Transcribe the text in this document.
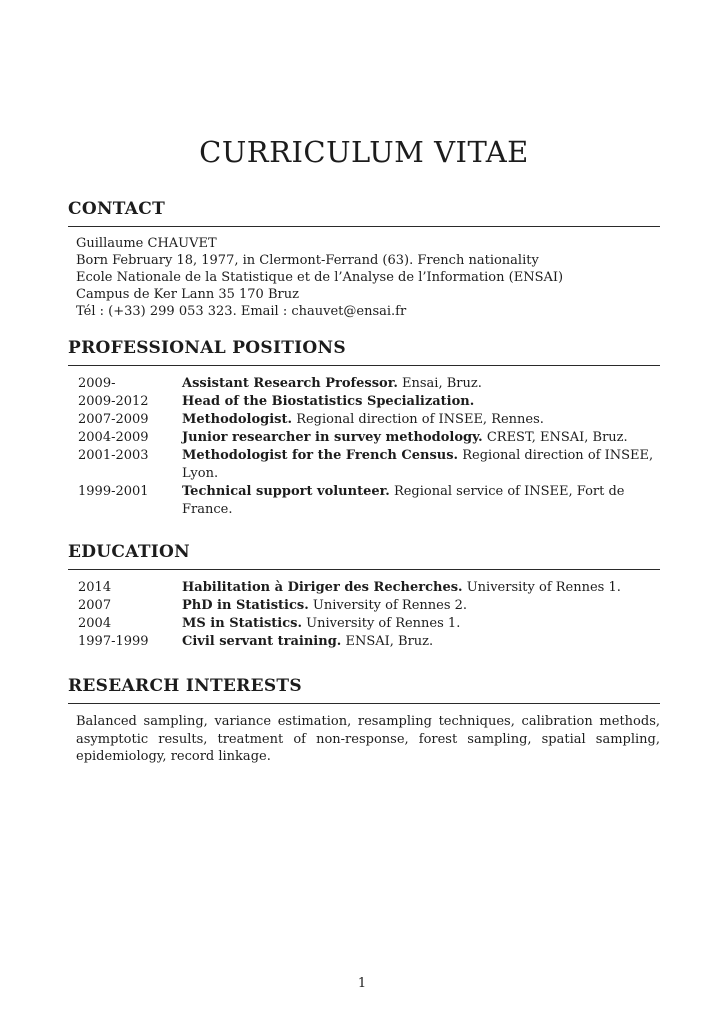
CURRICULUM VITAE
CONTACT
Guillaume CHAUVET
Born February 18, 1977, in Clermont-Ferrand (63). French nationality
Ecole Nationale de la Statistique et de l’Analyse de l’Information (ENSAI)
Campus de Ker Lann 35 170 Bruz
Tél : (+33) 299 053 323. Email : chauvet@ensai.fr
PROFESSIONAL POSITIONS
2009-	Assistant Research Professor. Ensai, Bruz.
2009-2012	Head of the Biostatistics Specialization.
2007-2009	Methodologist. Regional direction of INSEE, Rennes.
2004-2009	Junior researcher in survey methodology. CREST, ENSAI, Bruz.
2001-2003	Methodologist for the French Census. Regional direction of INSEE, Lyon.
1999-2001	Technical support volunteer. Regional service of INSEE, Fort de France.
EDUCATION
2014	Habilitation à Diriger des Recherches. University of Rennes 1.
2007	PhD in Statistics. University of Rennes 2.
2004	MS in Statistics. University of Rennes 1.
1997-1999	Civil servant training. ENSAI, Bruz.
RESEARCH INTERESTS

Balanced sampling, variance estimation, resampling techniques, calibration methods, asymptotic results, treatment of non-response, forest sampling, spatial sampling, epidemiology, record linkage.

1
